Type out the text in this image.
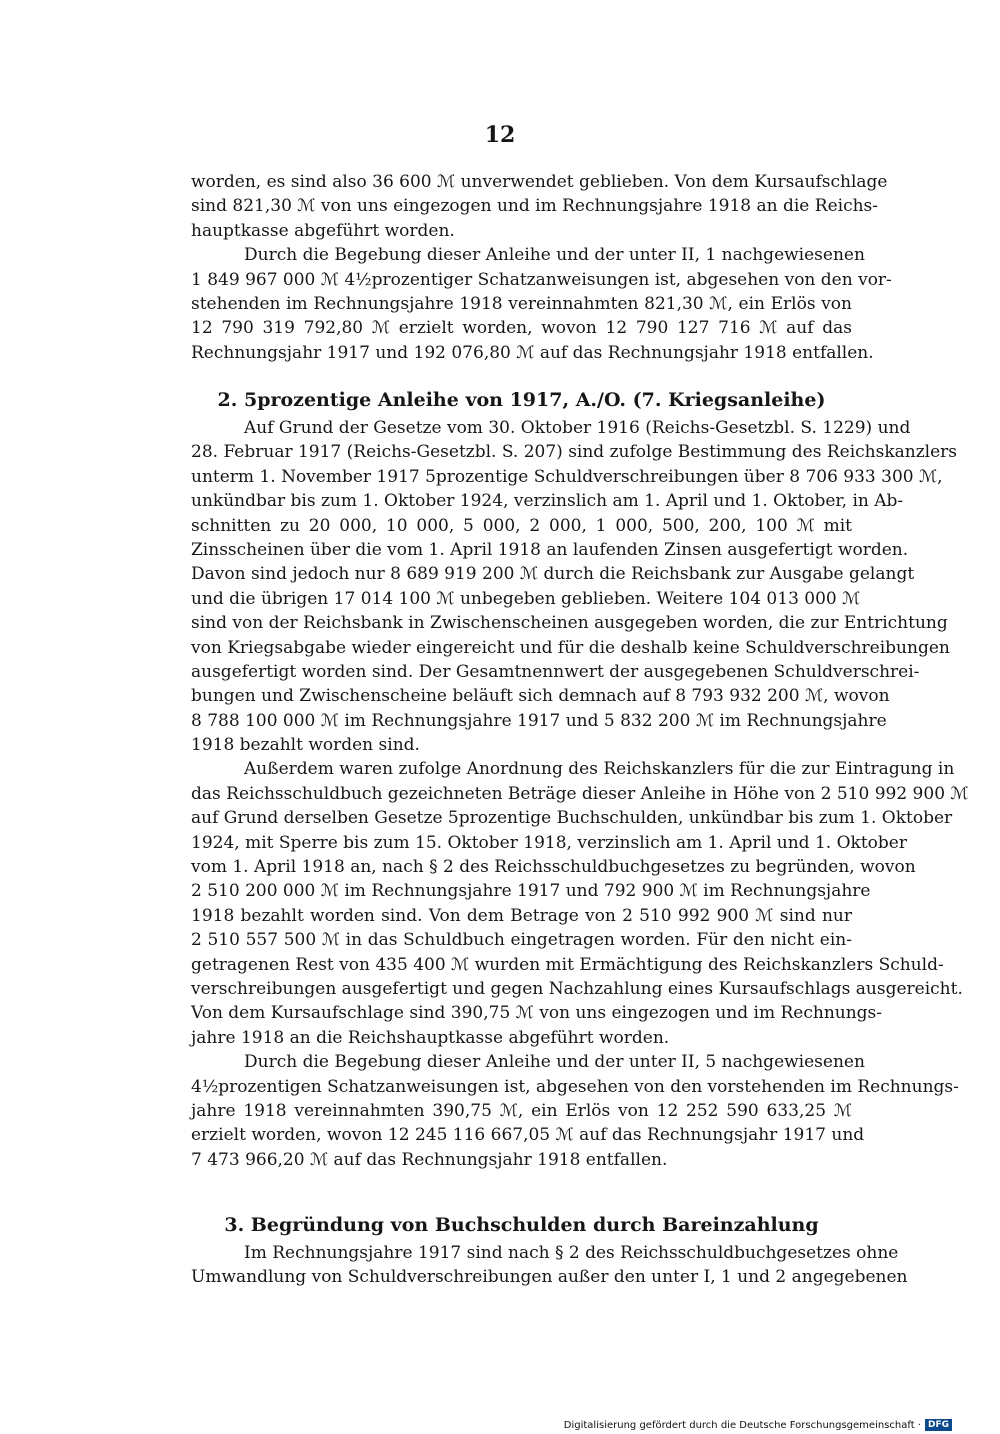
12
worden, es sind also 36 600 ℳ unverwendet geblieben. Von dem Kursaufschlage
sind 821,30 ℳ von uns eingezogen und im Rechnungsjahre 1918 an die Reichs-
hauptkasse abgeführt worden.
Durch die Begebung dieser Anleihe und der unter II, 1 nachgewiesenen
1 849 967 000 ℳ 4½prozentiger Schatzanweisungen ist, abgesehen von den vor-
stehenden im Rechnungsjahre 1918 vereinnahmten 821,30 ℳ, ein Erlös von
12 790 319 792,80 ℳ erzielt worden, wovon 12 790 127 716 ℳ auf das
Rechnungsjahr 1917 und 192 076,80 ℳ auf das Rechnungsjahr 1918 entfallen.
2. 5prozentige Anleihe von 1917, A./O. (7. Kriegsanleihe)
Auf Grund der Gesetze vom 30. Oktober 1916 (Reichs-Gesetzbl. S. 1229) und
28. Februar 1917 (Reichs-Gesetzbl. S. 207) sind zufolge Bestimmung des Reichskanzlers
unterm 1. November 1917 5prozentige Schuldverschreibungen über 8 706 933 300 ℳ,
unkündbar bis zum 1. Oktober 1924, verzinslich am 1. April und 1. Oktober, in Ab-
schnitten zu 20 000, 10 000, 5 000, 2 000, 1 000, 500, 200, 100 ℳ mit
Zinsscheinen über die vom 1. April 1918 an laufenden Zinsen ausgefertigt worden.
Davon sind jedoch nur 8 689 919 200 ℳ durch die Reichsbank zur Ausgabe gelangt
und die übrigen 17 014 100 ℳ unbegeben geblieben. Weitere 104 013 000 ℳ
sind von der Reichsbank in Zwischenscheinen ausgegeben worden, die zur Entrichtung
von Kriegsabgabe wieder eingereicht und für die deshalb keine Schuldverschreibungen
ausgefertigt worden sind. Der Gesamtnennwert der ausgegebenen Schuldverschrei-
bungen und Zwischenscheine beläuft sich demnach auf 8 793 932 200 ℳ, wovon
8 788 100 000 ℳ im Rechnungsjahre 1917 und 5 832 200 ℳ im Rechnungsjahre
1918 bezahlt worden sind.
Außerdem waren zufolge Anordnung des Reichskanzlers für die zur Eintragung in
das Reichsschuldbuch gezeichneten Beträge dieser Anleihe in Höhe von 2 510 992 900 ℳ
auf Grund derselben Gesetze 5prozentige Buchschulden, unkündbar bis zum 1. Oktober
1924, mit Sperre bis zum 15. Oktober 1918, verzinslich am 1. April und 1. Oktober
vom 1. April 1918 an, nach § 2 des Reichsschuldbuchgesetzes zu begründen, wovon
2 510 200 000 ℳ im Rechnungsjahre 1917 und 792 900 ℳ im Rechnungsjahre
1918 bezahlt worden sind. Von dem Betrage von 2 510 992 900 ℳ sind nur
2 510 557 500 ℳ in das Schuldbuch eingetragen worden. Für den nicht ein-
getragenen Rest von 435 400 ℳ wurden mit Ermächtigung des Reichskanzlers Schuld-
verschreibungen ausgefertigt und gegen Nachzahlung eines Kursaufschlags ausgereicht.
Von dem Kursaufschlage sind 390,75 ℳ von uns eingezogen und im Rechnungs-
jahre 1918 an die Reichshauptkasse abgeführt worden.
Durch die Begebung dieser Anleihe und der unter II, 5 nachgewiesenen
4½prozentigen Schatzanweisungen ist, abgesehen von den vorstehenden im Rechnungs-
jahre 1918 vereinnahmten 390,75 ℳ, ein Erlös von 12 252 590 633,25 ℳ
erzielt worden, wovon 12 245 116 667,05 ℳ auf das Rechnungsjahr 1917 und
7 473 966,20 ℳ auf das Rechnungsjahr 1918 entfallen.
3. Begründung von Buchschulden durch Bareinzahlung
Im Rechnungsjahre 1917 sind nach § 2 des Reichsschuldbuchgesetzes ohne
Umwandlung von Schuldverschreibungen außer den unter I, 1 und 2 angegebenen
Digitalisierung gefördert durch die Deutsche Forschungsgemeinschaft · DFG
